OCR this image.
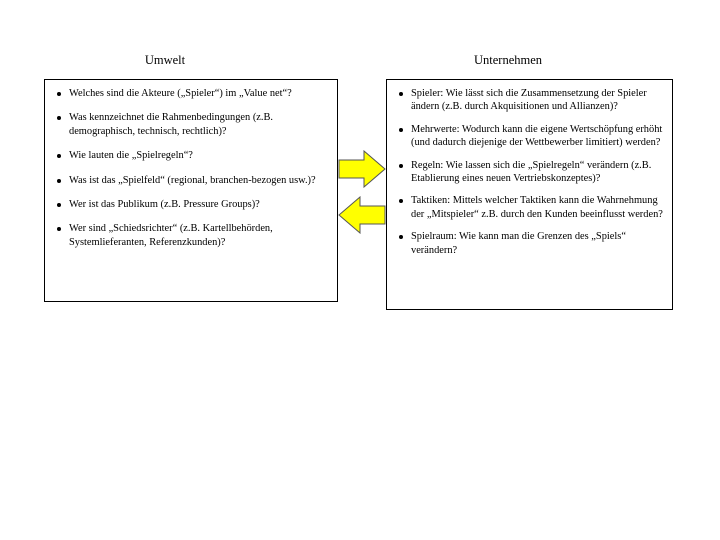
Umwelt	Unternehmen
Welches sind die Akteure („Spieler“) im „Value net“?
Was kennzeichnet die Rahmenbedingungen (z.B. demographisch, technisch, rechtlich)?
Wie lauten die „Spielregeln“?
Was ist das „Spielfeld“ (regional, branchen-bezogen usw.)?
Wer ist das Publikum (z.B. Pressure Groups)?
Wer sind „Schiedsrichter“ (z.B. Kartellbehörden, Systemlieferanten, Referenzkunden)?
Spieler: Wie lässt sich die Zusammensetzung der Spieler ändern (z.B. durch Akquisitionen und Allianzen)?
Mehrwerte: Wodurch kann die eigene Wertschöpfung erhöht (und dadurch diejenige der Wettbewerber limitiert) werden?
Regeln: Wie lassen sich die „Spielregeln“ verändern (z.B. Etablierung eines neuen Vertriebskonzeptes)?
Taktiken: Mittels welcher Taktiken kann die Wahrnehmung der „Mitspieler“ z.B. durch den Kunden beeinflusst werden?
Spielraum: Wie kann man die Grenzen des „Spiels“ verändern?
